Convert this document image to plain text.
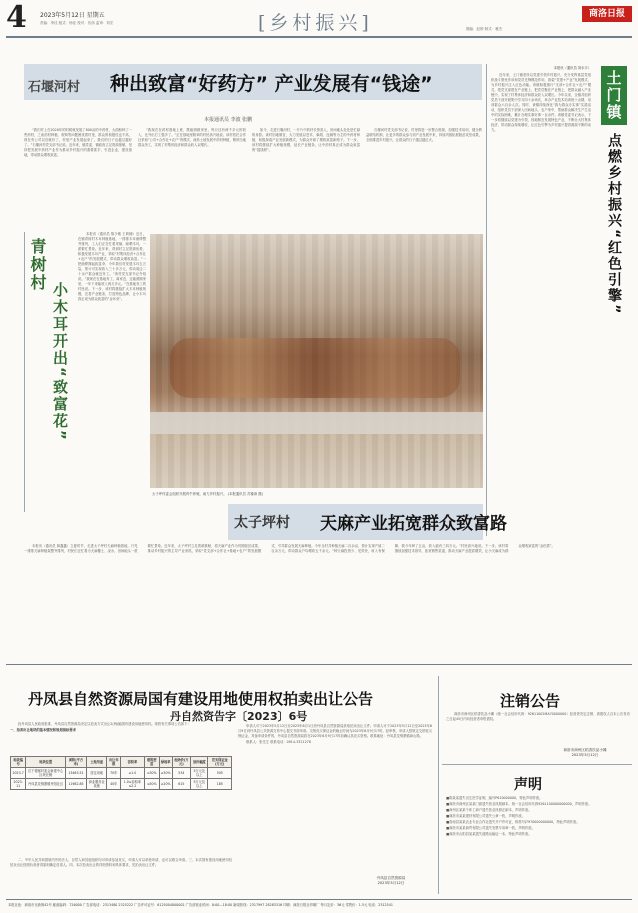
4 2023年5月12日 星期五
责编：李佳 版式：杨佳 校对：仇伟 监审：刘宏	[乡村振兴]	图编：赵婷 制式：雅杰
商洛日报
石堰河村 种出致富“好药方” 产业发展有“钱途”
本报通讯员 李波 张鹏

“我们村上在2020年的时候就发展了800亩的中药材，大面积种了一些药材，之前药材种植、收购等问题困扰着村里，群众的积极性也不高，现在有公司以后就好了，村里产业发展起来了，我们的日子也越过越好了。”石堰河村党支部书记说。近年来，镇党委、镇政府立足资源禀赋，坚持把发展中药材产业作为推动乡村振兴的重要抓手，引进企业，建设基地，带动群众增收致富。

“我现在在药材基地上班，既能照顾家里，每月还有两千多元的收入，比外出打工强多了。”正在基地里除草的村民高兴地说。该村依托合作社采取“公司+合作社+农户”的模式，流转土地发展中药材种植，吸纳当地群众务工，实现了村集体经济和群众收入双增长。

如今，走进石堰河村，一片片中药材长势喜人，田间地头处处是忙碌的身影。该村因地制宜，大力发展以苍术、柴胡、连翘等为主的中药材种植，积极探索产业发展新模式，为群众开辟了增收致富新路子。下一步，该村将继续扩大种植规模，延长产业链条，让中药材真正成为群众致富的“摇钱树”。

石堰河村党支部书记说，村里将进一步整合资源，加强技术培训，健全利益联结机制，让更多的群众参与到产业发展中来，持续巩固拓展脱贫攻坚成果，全面推进乡村振兴，让群众的日子越过越红火。

青树村
小木耳开出“致富花”

本报讯（通讯员 陈少敏 王莉楠）近日，在镇青树村木耳种植基地，一排排木耳菌棒整齐排列，工人们正在忙着采摘、晾晒木耳，一派繁忙景象。近年来，青树村立足资源优势，积极发展木耳产业，采取“村集体经济+合作社+农户”的发展模式，带动群众增收致富。“一把菌棒撑起致富伞，今年我们村发展木耳五万袋，预计可实现收入三十多万元，带动周边二十余户群众就近务工。”该村党支部书记介绍说。“我现在在基地务工，离家近，还能照顾家里，一年下来能收入两万多元。”在基地务工的村民说。下一步，该村将继续扩大木耳种植规模，完善产业链条，打造特色品牌，让小木耳真正成为群众致富的“金耳朵”。

太子坪村委会组织开展肉牛养殖，助力乡村振兴。 (本报通讯员 苏豫涛 摄)
本报讯（通讯员 刘永平）

近年来，土门镇坚持以党建引领乡村振兴，充分发挥基层党组织战斗堡垒作用和党员先锋模范作用，探索“党建+产业”发展模式，为乡村振兴注入红色动能。该镇积极推行“支部+合作社+农户”模式，把党支部建在产业链上，把党员聚在产业链上，把群众融入产业链中，实现了村集体经济和群众收入双增长。今年以来，全镇共组织党员干部开展集中学习四十余场次，举办产业技术培训班十余期，培训群众六百余人次。同时，该镇持续深化“我为群众办实事”实践活动，组织党员干部深入田间地头、农户家中，帮助群众解决生产生活中的实际困难，累计办理实事好事一百余件。该镇党委书记表示，下一步将继续以党建为引领，因地制宜发展特色产业，不断壮大村集体经济，带动群众持续增收，让红色引擎为乡村振兴提供源源不断的动力。

土门镇
点燃乡村振兴“红色引擎”
太子坪村 天麻产业拓宽群众致富路

本报讯（通讯员 薛鑫鑫）立夏时节，走进太子坪村天麻种植基地，只见一排排天麻种植架整齐排列，村民们正忙着为天麻覆土、浇水，田间地头一派繁忙景象。近年来，太子坪村立足资源禀赋，将天麻产业作为巩固脱贫成果、推动乡村振兴的主导产业来抓，采取“党支部+合作社+基地+农户”的发展模式，引导群众发展天麻种植。今年全村共种植天麻二百余亩，预计实现产值二百余万元，带动群众户均增收五千余元。“种天麻投资少、见效快，收入有保障，我今年种了五亩，收入能有三四万元。”村民高兴地说。下一步，该村将继续加强技术指导，拓宽销售渠道，推动天麻产业提质增效，让小天麻成为群众增收致富的“金疙瘩”。

丹凤县自然资源局国有建设用地使用权拍卖出让公告
丹自然资告字〔2023〕6号

经丹凤县人民政府批准，丹凤县自然资源局决定以拍卖方式出让2(两)幅国有建设用地使用权。现将有关事项公告如下：

一、拍卖出让地块的基本情况和规划指标要求
地块编号	地块位置	面积(平方米)	土地用途	出让年限	容积率	建筑密度	绿地率	起始价(万元)	加价幅度	竞买保证金(万元)
2023-7	位于德郁村委会新建中心区块北侧	13463.51	居住用地	70年	≥1.0	≤30%	≥30%	534	5万元及以上	505
2023-11	丹凤县龙驹寨镇丹阳社区	11982.85	商业服务业设施	40年	1.0≤容积率≤2.2	≤50%	≥20%	615	5万元及以上	185

二、中华人民共和国境内外的法人、自然人和其他组织均可申请参加竞买，申请人可以单独申请，也可以联合申请。三、本次国有建设用地使用权拍卖出让按照价高者得原则确定竞得人。四、本次拍卖出让的详细资料和具体要求，见拍卖出让文件。

申请人可于2023年5月12日至2023年6月1日到丹凤县自然资源局获取拍卖出让文件。申请人可于2023年5月12日至2023年6月9日到丹凤县公共资源交易中心提交书面申请。交纳竞买保证金的截止时间为2023年6月9日17时。经审核，申请人按规定交纳竞买保证金，具备申请条件的，丹凤县自然资源局将在2023年6月9日17时前确认其竞买资格。联系地址：丹凤县龙驹寨镇商山路。

联系人：张先生 联系电话：0914-3321278

丹凤县自然资源局
2023年5月12日
注销公告

商洛市商州区稻香饮品小摊（统一社会信用代码：92611002MA70000000）经营者决定注销，请债权人自本公告发布之日起45日内向经营者申报债权。

商洛市商州区稻香饮品小摊
2023年5月12日
声明
■陈某某遗失出生医学证明，编号P610000000，特此声明作废。
■商洛市商州区某某门面遗失营业执照副本，统一社会信用代码9261100000000000，声明作废。
■商州区某某个体工商户遗失营业执照正副本，声明作废。
■商洛市某某建材有限公司遗失公章一枚，声明作废。
■洛南县某某农业专业合作社遗失开户许可证，核准号J7970000000000，特此声明作废。
■商洛市某某商贸有限公司遗失发票专用章一枚，声明作废。
■商洛市山阳县某某遗失道路运输证一本，特此声明作废。
本报社址：商洛市北新街42号 邮政编码：726000 广告部电话：2313480 2325222 广告许可证号：6125004000002 广告部营业时间：8:00—18:00 新闻热线：2317997 28283316 印刷：商洛日报社印刷厂 每月定价：36元 零售价：1.5元 电话：2312541
